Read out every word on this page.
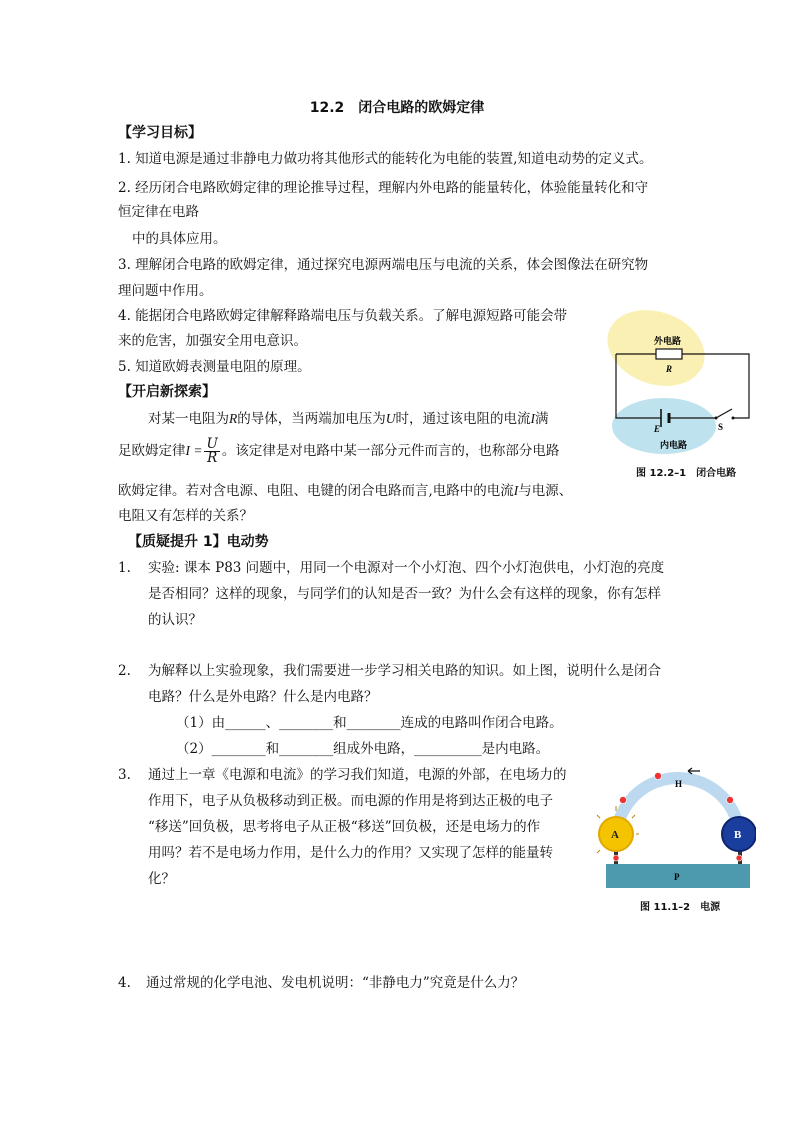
12.2　闭合电路的欧姆定律
【学习目标】
1. 知道电源是通过非静电力做功将其他形式的能转化为电能的装置,知道电动势的定义式。
2. 经历闭合电路欧姆定律的理论推导过程，理解内外电路的能量转化，体验能量转化和守
恒定律在电路
中的具体应用。
3. 理解闭合电路的欧姆定律，通过探究电源两端电压与电流的关系，体会图像法在研究物
理问题中作用。
4. 能据闭合电路欧姆定律解释路端电压与负载关系。了解电源短路可能会带
来的危害，加强安全用电意识。
5. 知道欧姆表测量电阻的原理。
【开启新探索】
对某一电阻为R的导体，当两端加电压为U时，通过该电阻的电流I满
足欧姆定律$I = \frac{U}{R}$ 。该定律是对电路中某一部分元件而言的，也称部分电路
欧姆定律。若对含电源、电阻、电键的闭合电路而言,电路中的电流I与电源、
电阻又有怎样的关系？
外电路
R
E
内电路
S
图 12.2–1　闭合电路
【质疑提升 1】电动势
1. 实验: 课本 P83 问题中，用同一个电源对一个小灯泡、四个小灯泡供电，小灯泡的亮度
是否相同？这样的现象，与同学们的认知是否一致？为什么会有这样的现象，你有怎样
的认识？
2. 为解释以上实验现象，我们需要进一步学习相关电路的知识。如上图，说明什么是闭合
电路？什么是外电路？什么是内电路？
（1）由______、________和________连成的电路叫作闭合电路。
（2）________和________组成外电路，__________是内电路。
3. 通过上一章《电源和电流》的学习我们知道，电源的外部，在电场力的
作用下，电子从负极移动到正极。而电源的作用是将到达正极的电子
“移送”回负极，思考将电子从正极“移送”回负极，还是电场力的作
用吗？若不是电场力作用，是什么力的作用？又实现了怎样的能量转
化？
H
A	B
P
图 11.1–2　电源
4. 通过常规的化学电池、发电机说明：“非静电力”究竟是什么力？
